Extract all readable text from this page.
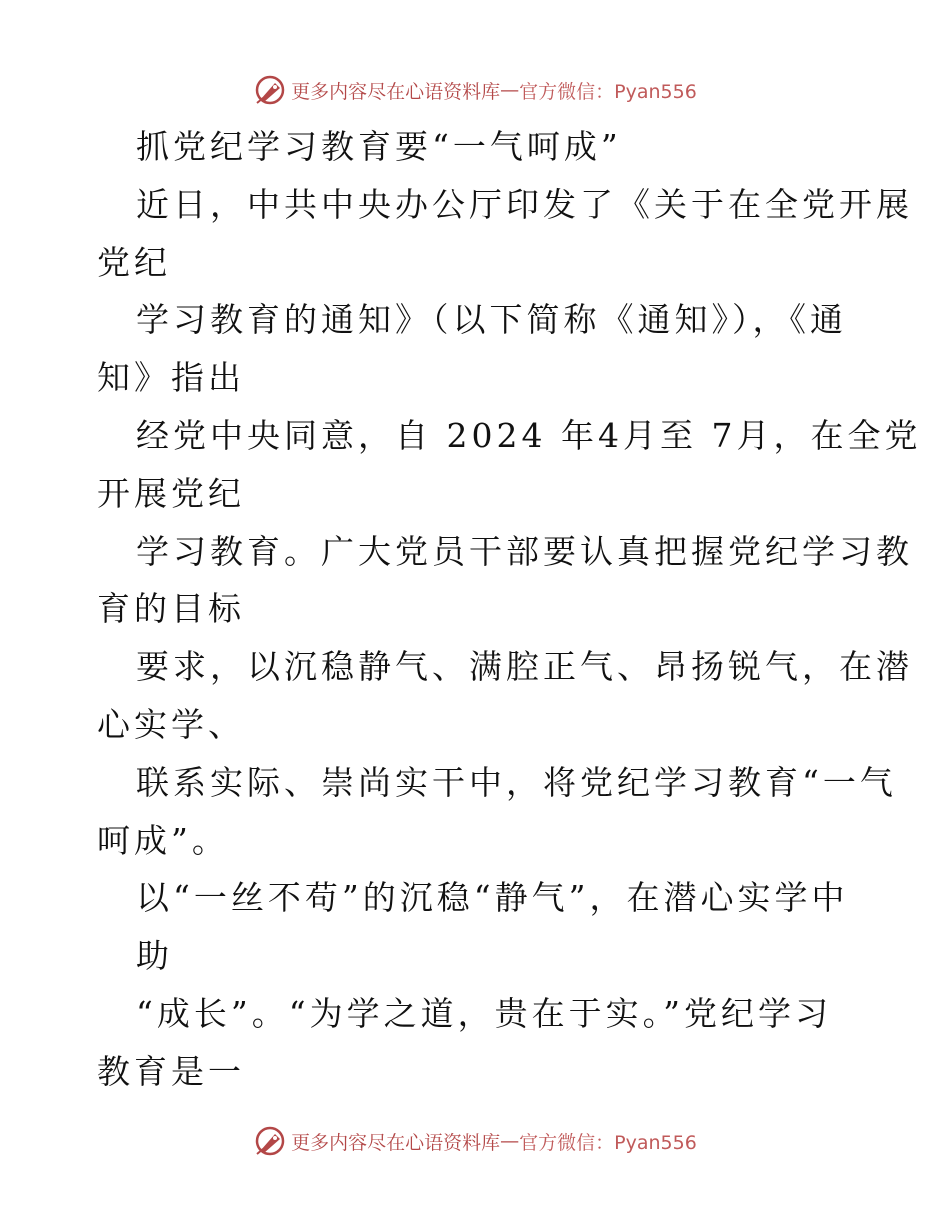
更多内容尽在心语资料库 — 官方微信：Pyan556
抓党纪学习教育要“一气呵成”
近日，中共中央办公厅印发了《关于在全党开展
党纪
学习教育的通知》（以下简称《通知》），《通
知》指出
经党中央同意，自 2024 年4月至 7月，在全党
开展党纪
学习教育。广大党员干部要认真把握党纪学习教
育的目标
要求，以沉稳静气、满腔正气、昂扬锐气，在潜
心实学、
联系实际、崇尚实干中，将党纪学习教育“一气
呵成”。
以“一丝不苟”的沉稳“静气”，在潜心实学中
助
“成长”。“为学之道，贵在于实。”党纪学习
教育是一
更多内容尽在心语资料库 — 官方微信：Pyan556
